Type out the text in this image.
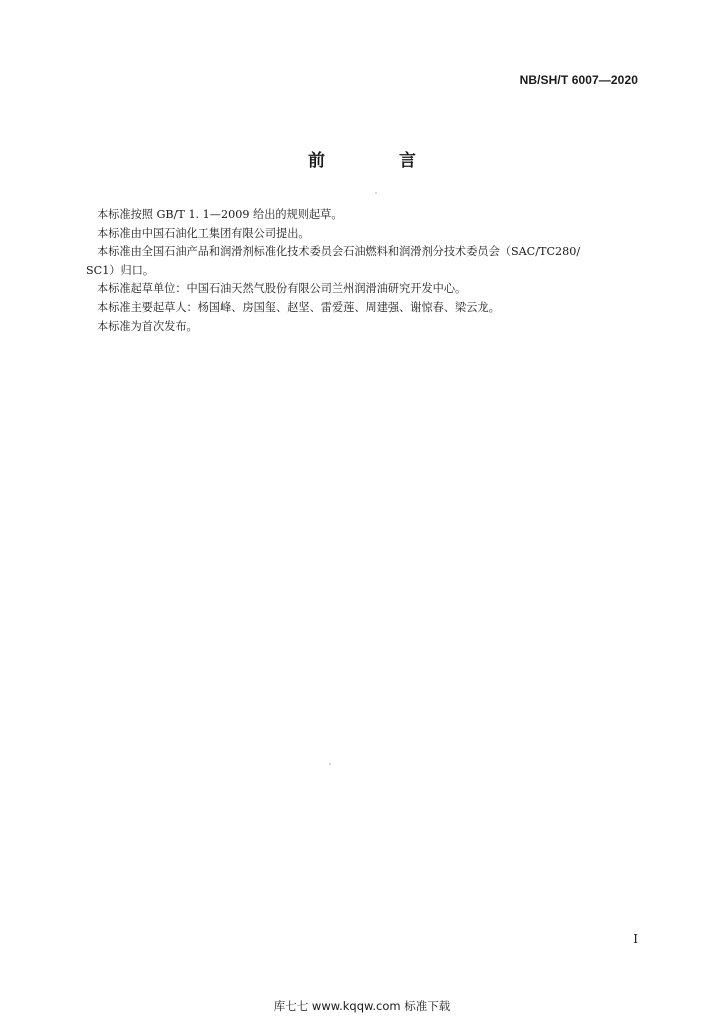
NB/SH/T 6007—2020
前 言

本标准按照 GB/T 1. 1—2009 给出的规则起草。

本标准由中国石油化工集团有限公司提出。

本标准由全国石油产品和润滑剂标准化技术委员会石油燃料和润滑剂分技术委员会（SAC/TC280/
SC1）归口。

本标准起草单位：中国石油天然气股份有限公司兰州润滑油研究开发中心。

本标准主要起草人：杨国峰、房国玺、赵坚、雷爱莲、周建强、谢惊春、梁云龙。

本标准为首次发布。

I
库七七 www.kqqw.com 标准下载
